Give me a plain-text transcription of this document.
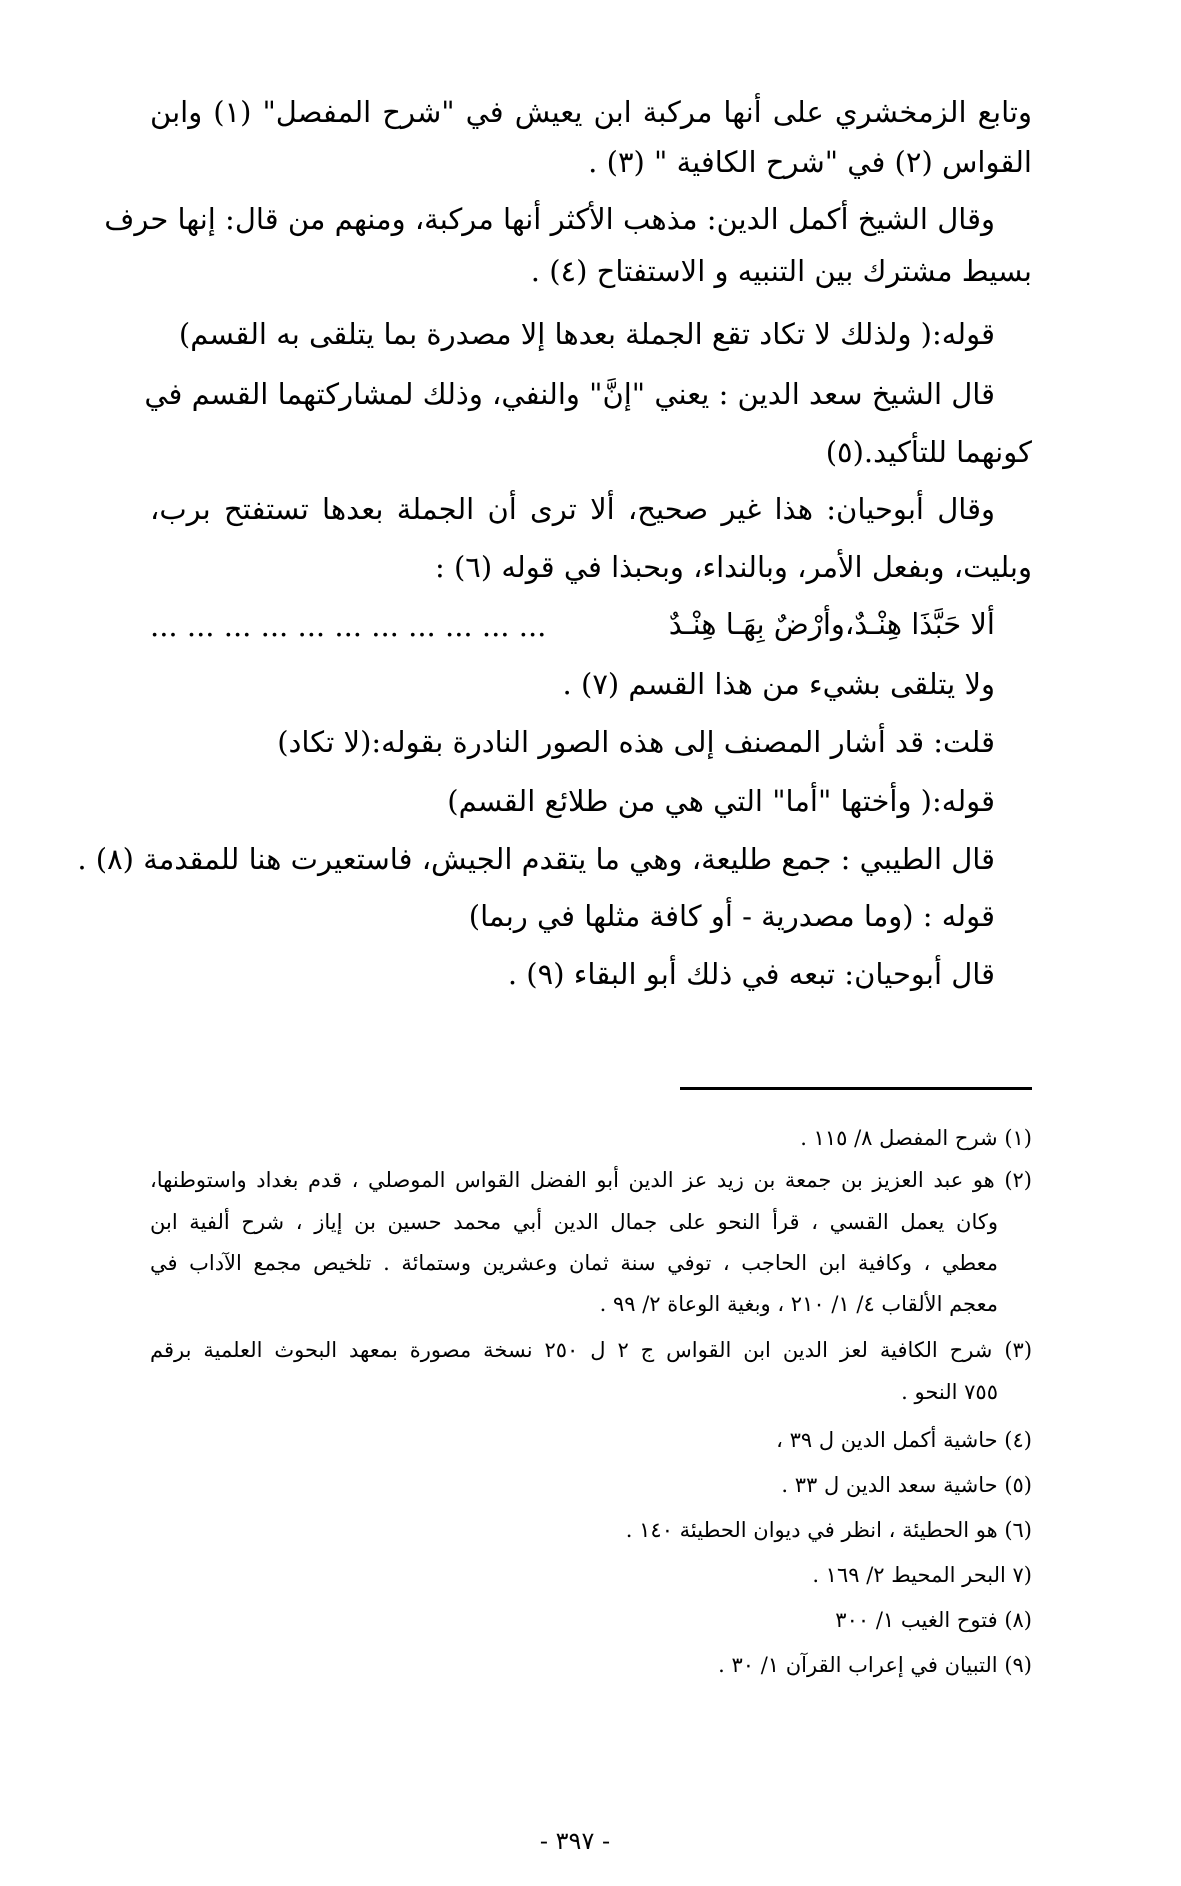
وتابع الزمخشري على أنها مركبة ابن يعيش في "شرح المفصل" (١) وابن
القواس (٢) في "شرح الكافية " (٣) .
وقال الشيخ أكمل الدين: مذهب الأكثر أنها مركبة، ومنهم من قال: إنها حرف
بسيط مشترك بين التنبيه و الاستفتاح (٤) .
قوله:( ولذلك لا تكاد تقع الجملة بعدها إلا مصدرة بما يتلقى به القسم)
قال الشيخ سعد الدين : يعني "إنَّ" والنفي، وذلك لمشاركتهما القسم في
كونهما للتأكيد.(٥)
وقال أبوحيان: هذا غير صحيح، ألا ترى أن الجملة بعدها تستفتح برب،
وبليت، وبفعل الأمر، وبالنداء، وبحبذا في قوله (٦) :
ألا حَبَّذَا هِنْـدٌ،وأرْضٌ بِهَـا هِنْـدٌ
... ... ... ... ... ... ... ... ... ... ...
ولا يتلقى بشيء من هذا القسم (٧) .
قلت: قد أشار المصنف إلى هذه الصور النادرة بقوله:(لا تكاد)
قوله:( وأختها "أما" التي هي من طلائع القسم)
قال الطيبي : جمع طليعة، وهي ما يتقدم الجيش، فاستعيرت هنا للمقدمة (٨) .
قوله : (وما مصدرية - أو كافة مثلها في ربما)
قال أبوحيان: تبعه في ذلك أبو البقاء (٩) .
(١) شرح المفصل ٨/ ١١٥ .
(٢) هو عبد العزيز بن جمعة بن زيد عز الدين أبو الفضل القواس الموصلي ، قدم بغداد واستوطنها،
وكان يعمل القسي ، قرأ النحو على جمال الدين أبي محمد حسين بن إياز ، شرح ألفية ابن
معطي ، وكافية ابن الحاجب ، توفي سنة ثمان وعشرين وستمائة . تلخيص مجمع الآداب في
معجم الألقاب ٤/ ١/ ٢١٠ ، وبغية الوعاة ٢/ ٩٩ .
(٣) شرح الكافية لعز الدين ابن القواس ج ٢ ل ٢٥٠ نسخة مصورة بمعهد البحوث العلمية برقم
٧٥٥ النحو .
(٤) حاشية أكمل الدين ل ٣٩ ،
(٥) حاشية سعد الدين ل ٣٣ .
(٦) هو الحطيئة ، انظر في ديوان الحطيئة ١٤٠ .
(٧ البحر المحيط ٢/ ١٦٩ .
(٨) فتوح الغيب ١/ ٣٠٠
(٩) التبيان في إعراب القرآن ١/ ٣٠ .
- ٣٩٧ -
